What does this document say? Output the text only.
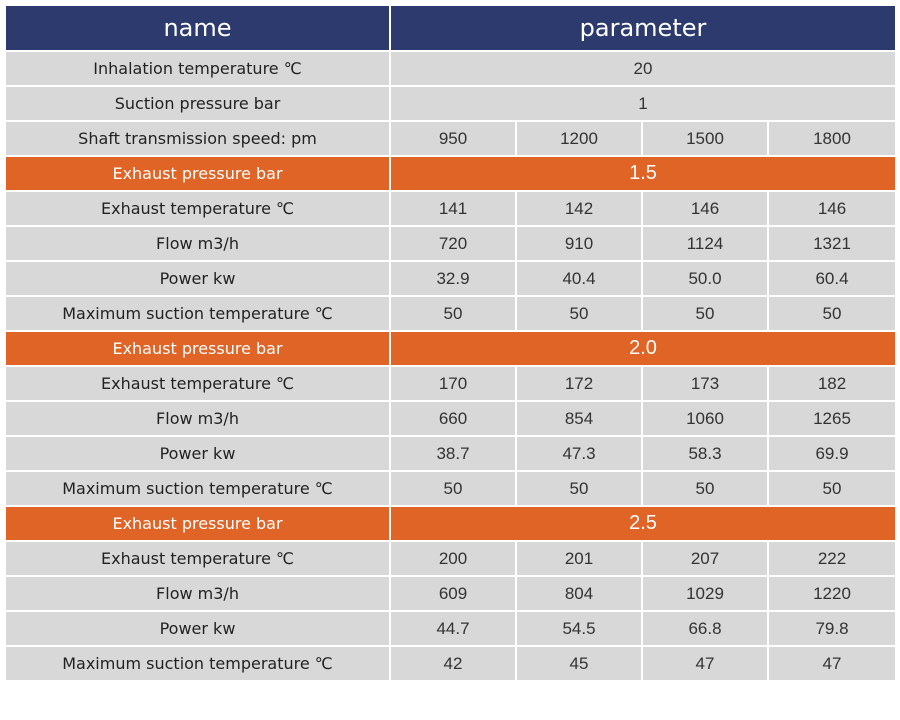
name	parameter			
Inhalation temperature ℃	20			
Suction pressure bar	1			
Shaft transmission speed: pm	950	1200	1500	1800
Exhaust pressure bar	1.5			
Exhaust temperature ℃	141	142	146	146
Flow m3/h	720	910	1124	1321
Power kw	32.9	40.4	50.0	60.4
Maximum suction temperature ℃	50	50	50	50
Exhaust pressure bar	2.0			
Exhaust temperature ℃	170	172	173	182
Flow m3/h	660	854	1060	1265
Power kw	38.7	47.3	58.3	69.9
Maximum suction temperature ℃	50	50	50	50
Exhaust pressure bar	2.5			
Exhaust temperature ℃	200	201	207	222
Flow m3/h	609	804	1029	1220
Power kw	44.7	54.5	66.8	79.8
Maximum suction temperature ℃	42	45	47	47
